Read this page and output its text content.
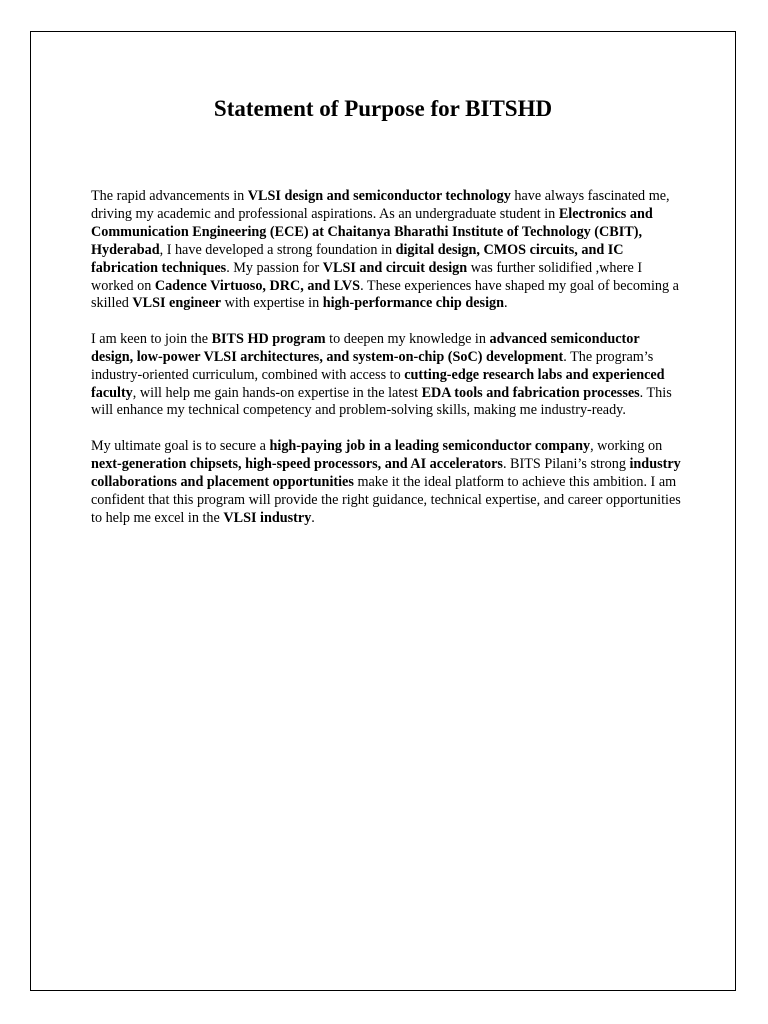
Statement of Purpose for BITSHD

The rapid advancements in VLSI design and semiconductor technology have always fascinated me, driving my academic and professional aspirations. As an undergraduate student in Electronics and Communication Engineering (ECE) at Chaitanya Bharathi Institute of Technology (CBIT), Hyderabad, I have developed a strong foundation in digital design, CMOS circuits, and IC fabrication techniques. My passion for VLSI and circuit design was further solidified ,where I worked on Cadence Virtuoso, DRC, and LVS. These experiences have shaped my goal of becoming a skilled VLSI engineer with expertise in high-performance chip design.

I am keen to join the BITS HD program to deepen my knowledge in advanced semiconductor design, low-power VLSI architectures, and system-on-chip (SoC) development. The program’s industry-oriented curriculum, combined with access to cutting-edge research labs and experienced faculty, will help me gain hands-on expertise in the latest EDA tools and fabrication processes. This will enhance my technical competency and problem-solving skills, making me industry-ready.

My ultimate goal is to secure a high-paying job in a leading semiconductor company, working on next-generation chipsets, high-speed processors, and AI accelerators. BITS Pilani’s strong industry collaborations and placement opportunities make it the ideal platform to achieve this ambition. I am confident that this program will provide the right guidance, technical expertise, and career opportunities to help me excel in the VLSI industry.
